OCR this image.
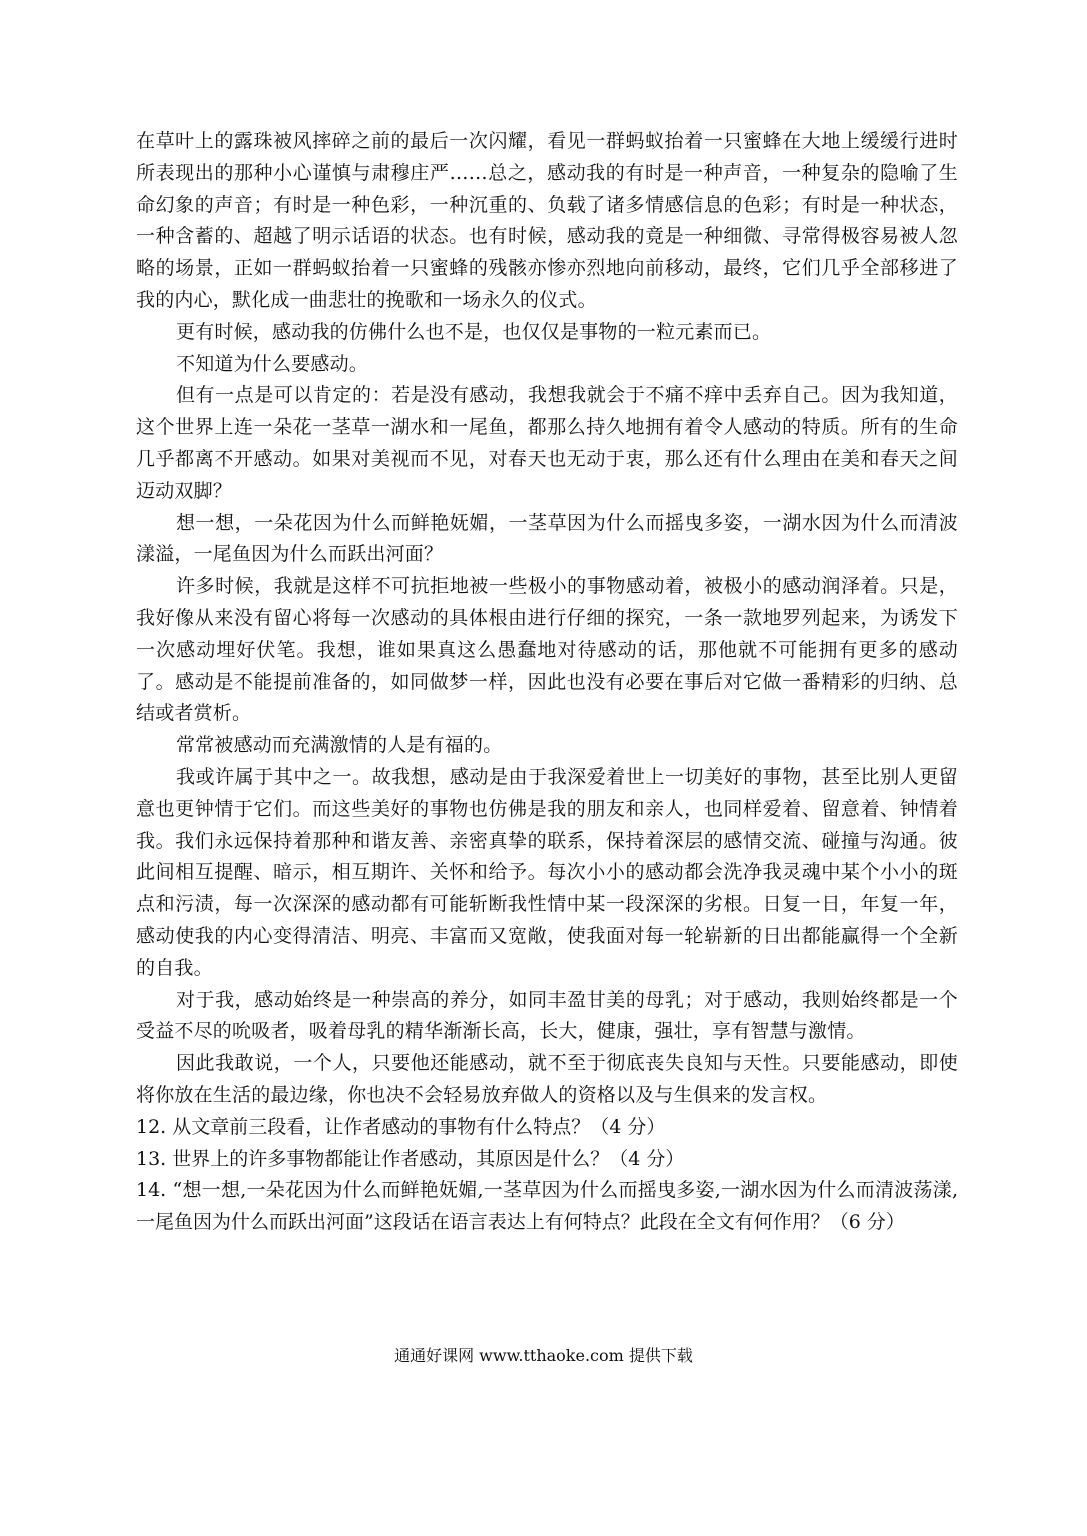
在草叶上的露珠被风摔碎之前的最后一次闪耀，看见一群蚂蚁抬着一只蜜蜂在大地上缓缓行进时所表现出的那种小心谨慎与肃穆庄严……总之，感动我的有时是一种声音，一种复杂的隐喻了生命幻象的声音；有时是一种色彩，一种沉重的、负载了诸多情感信息的色彩；有时是一种状态，一种含蓄的、超越了明示话语的状态。也有时候，感动我的竟是一种细微、寻常得极容易被人忽略的场景，正如一群蚂蚁抬着一只蜜蜂的残骸亦惨亦烈地向前移动，最终，它们几乎全部移进了我的内心，默化成一曲悲壮的挽歌和一场永久的仪式。

更有时候，感动我的仿佛什么也不是，也仅仅是事物的一粒元素而已。

不知道为什么要感动。

但有一点是可以肯定的：若是没有感动，我想我就会于不痛不痒中丢弃自己。因为我知道，这个世界上连一朵花一茎草一湖水和一尾鱼，都那么持久地拥有着令人感动的特质。所有的生命几乎都离不开感动。如果对美视而不见，对春天也无动于衷，那么还有什么理由在美和春天之间迈动双脚？

想一想，一朵花因为什么而鲜艳妩媚，一茎草因为什么而摇曳多姿，一湖水因为什么而清波漾溢，一尾鱼因为什么而跃出河面？

许多时候，我就是这样不可抗拒地被一些极小的事物感动着，被极小的感动润泽着。只是，我好像从来没有留心将每一次感动的具体根由进行仔细的探究，一条一款地罗列起来，为诱发下一次感动埋好伏笔。我想，谁如果真这么愚蠢地对待感动的话，那他就不可能拥有更多的感动了。感动是不能提前准备的，如同做梦一样，因此也没有必要在事后对它做一番精彩的归纳、总结或者赏析。

常常被感动而充满激情的人是有福的。

我或许属于其中之一。故我想，感动是由于我深爱着世上一切美好的事物，甚至比别人更留意也更钟情于它们。而这些美好的事物也仿佛是我的朋友和亲人，也同样爱着、留意着、钟情着我。我们永远保持着那种和谐友善、亲密真挚的联系，保持着深层的感情交流、碰撞与沟通。彼此间相互提醒、暗示，相互期许、关怀和给予。每次小小的感动都会洗净我灵魂中某个小小的斑点和污渍，每一次深深的感动都有可能斩断我性情中某一段深深的劣根。日复一日，年复一年，感动使我的内心变得清洁、明亮、丰富而又宽敞，使我面对每一轮崭新的日出都能赢得一个全新的自我。

对于我，感动始终是一种崇高的养分，如同丰盈甘美的母乳；对于感动，我则始终都是一个受益不尽的吮吸者，吸着母乳的精华渐渐长高，长大，健康，强壮，享有智慧与激情。

因此我敢说，一个人，只要他还能感动，就不至于彻底丧失良知与天性。只要能感动，即使将你放在生活的最边缘，你也决不会轻易放弃做人的资格以及与生俱来的发言权。

12. 从文章前三段看，让作者感动的事物有什么特点？（4 分）

13. 世界上的许多事物都能让作者感动，其原因是什么？（4 分）

14. “想一想,一朵花因为什么而鲜艳妩媚,一茎草因为什么而摇曳多姿,一湖水因为什么而清波荡漾,一尾鱼因为什么而跃出河面”这段话在语言表达上有何特点？此段在全文有何作用？（6 分）

通通好课网 www.tthaoke.com 提供下载
